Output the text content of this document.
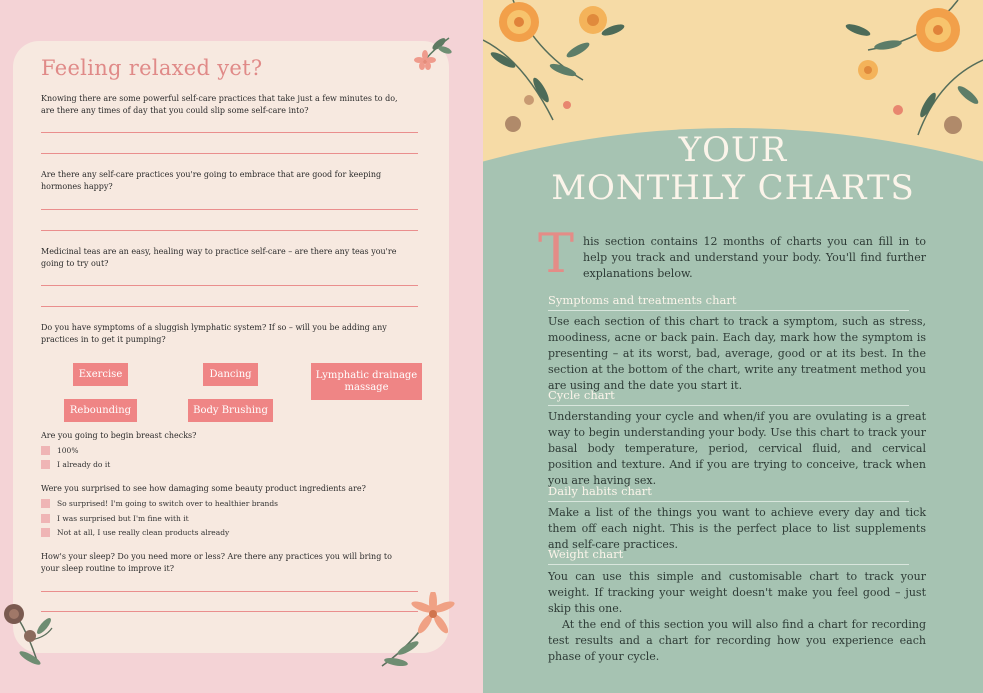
Feeling relaxed yet?
Knowing there are some powerful self-care practices that take just a few minutes to do, are there any times of day that you could slip some self-care into?
Are there any self-care practices you're going to embrace that are good for keeping hormones happy?
Medicinal teas are an easy, healing way to practice self-care – are there any teas you're going to try out?
Do you have symptoms of a sluggish lymphatic system? If so – will you be adding any practices in to get it pumping?
Exercise	Dancing	Lymphatic drainage massage
Rebounding	Body Brushing
Are you going to begin breast checks?
100%
I already do it
Were you surprised to see how damaging some beauty product ingredients are?
So surprised! I'm going to switch over to healthier brands
I was surprised but I'm fine with it
Not at all, I use really clean products already
How's your sleep? Do you need more or less? Are there any practices you will bring to your sleep routine to improve it?
YOUR
MONTHLY CHARTS
T his section contains 12 months of charts you can fill in to help you track and understand your body. You'll find further explanations below.
Symptoms and treatments chart
Use each section of this chart to track a symptom, such as stress, moodiness, acne or back pain. Each day, mark how the symptom is presenting – at its worst, bad, average, good or at its best. In the section at the bottom of the chart, write any treatment method you are using and the date you start it.
Cycle chart
Understanding your cycle and when/if you are ovulating is a great way to begin understanding your body. Use this chart to track your basal body temperature, period, cervical fluid, and cervical position and texture. And if you are trying to conceive, track when you are having sex.
Daily habits chart
Make a list of the things you want to achieve every day and tick them off each night. This is the perfect place to list supplements and self-care practices.
Weight chart
You can use this simple and customisable chart to track your weight. If tracking your weight doesn't make you feel good – just skip this one.
At the end of this section you will also find a chart for recording test results and a chart for recording how you experience each phase of your cycle.
